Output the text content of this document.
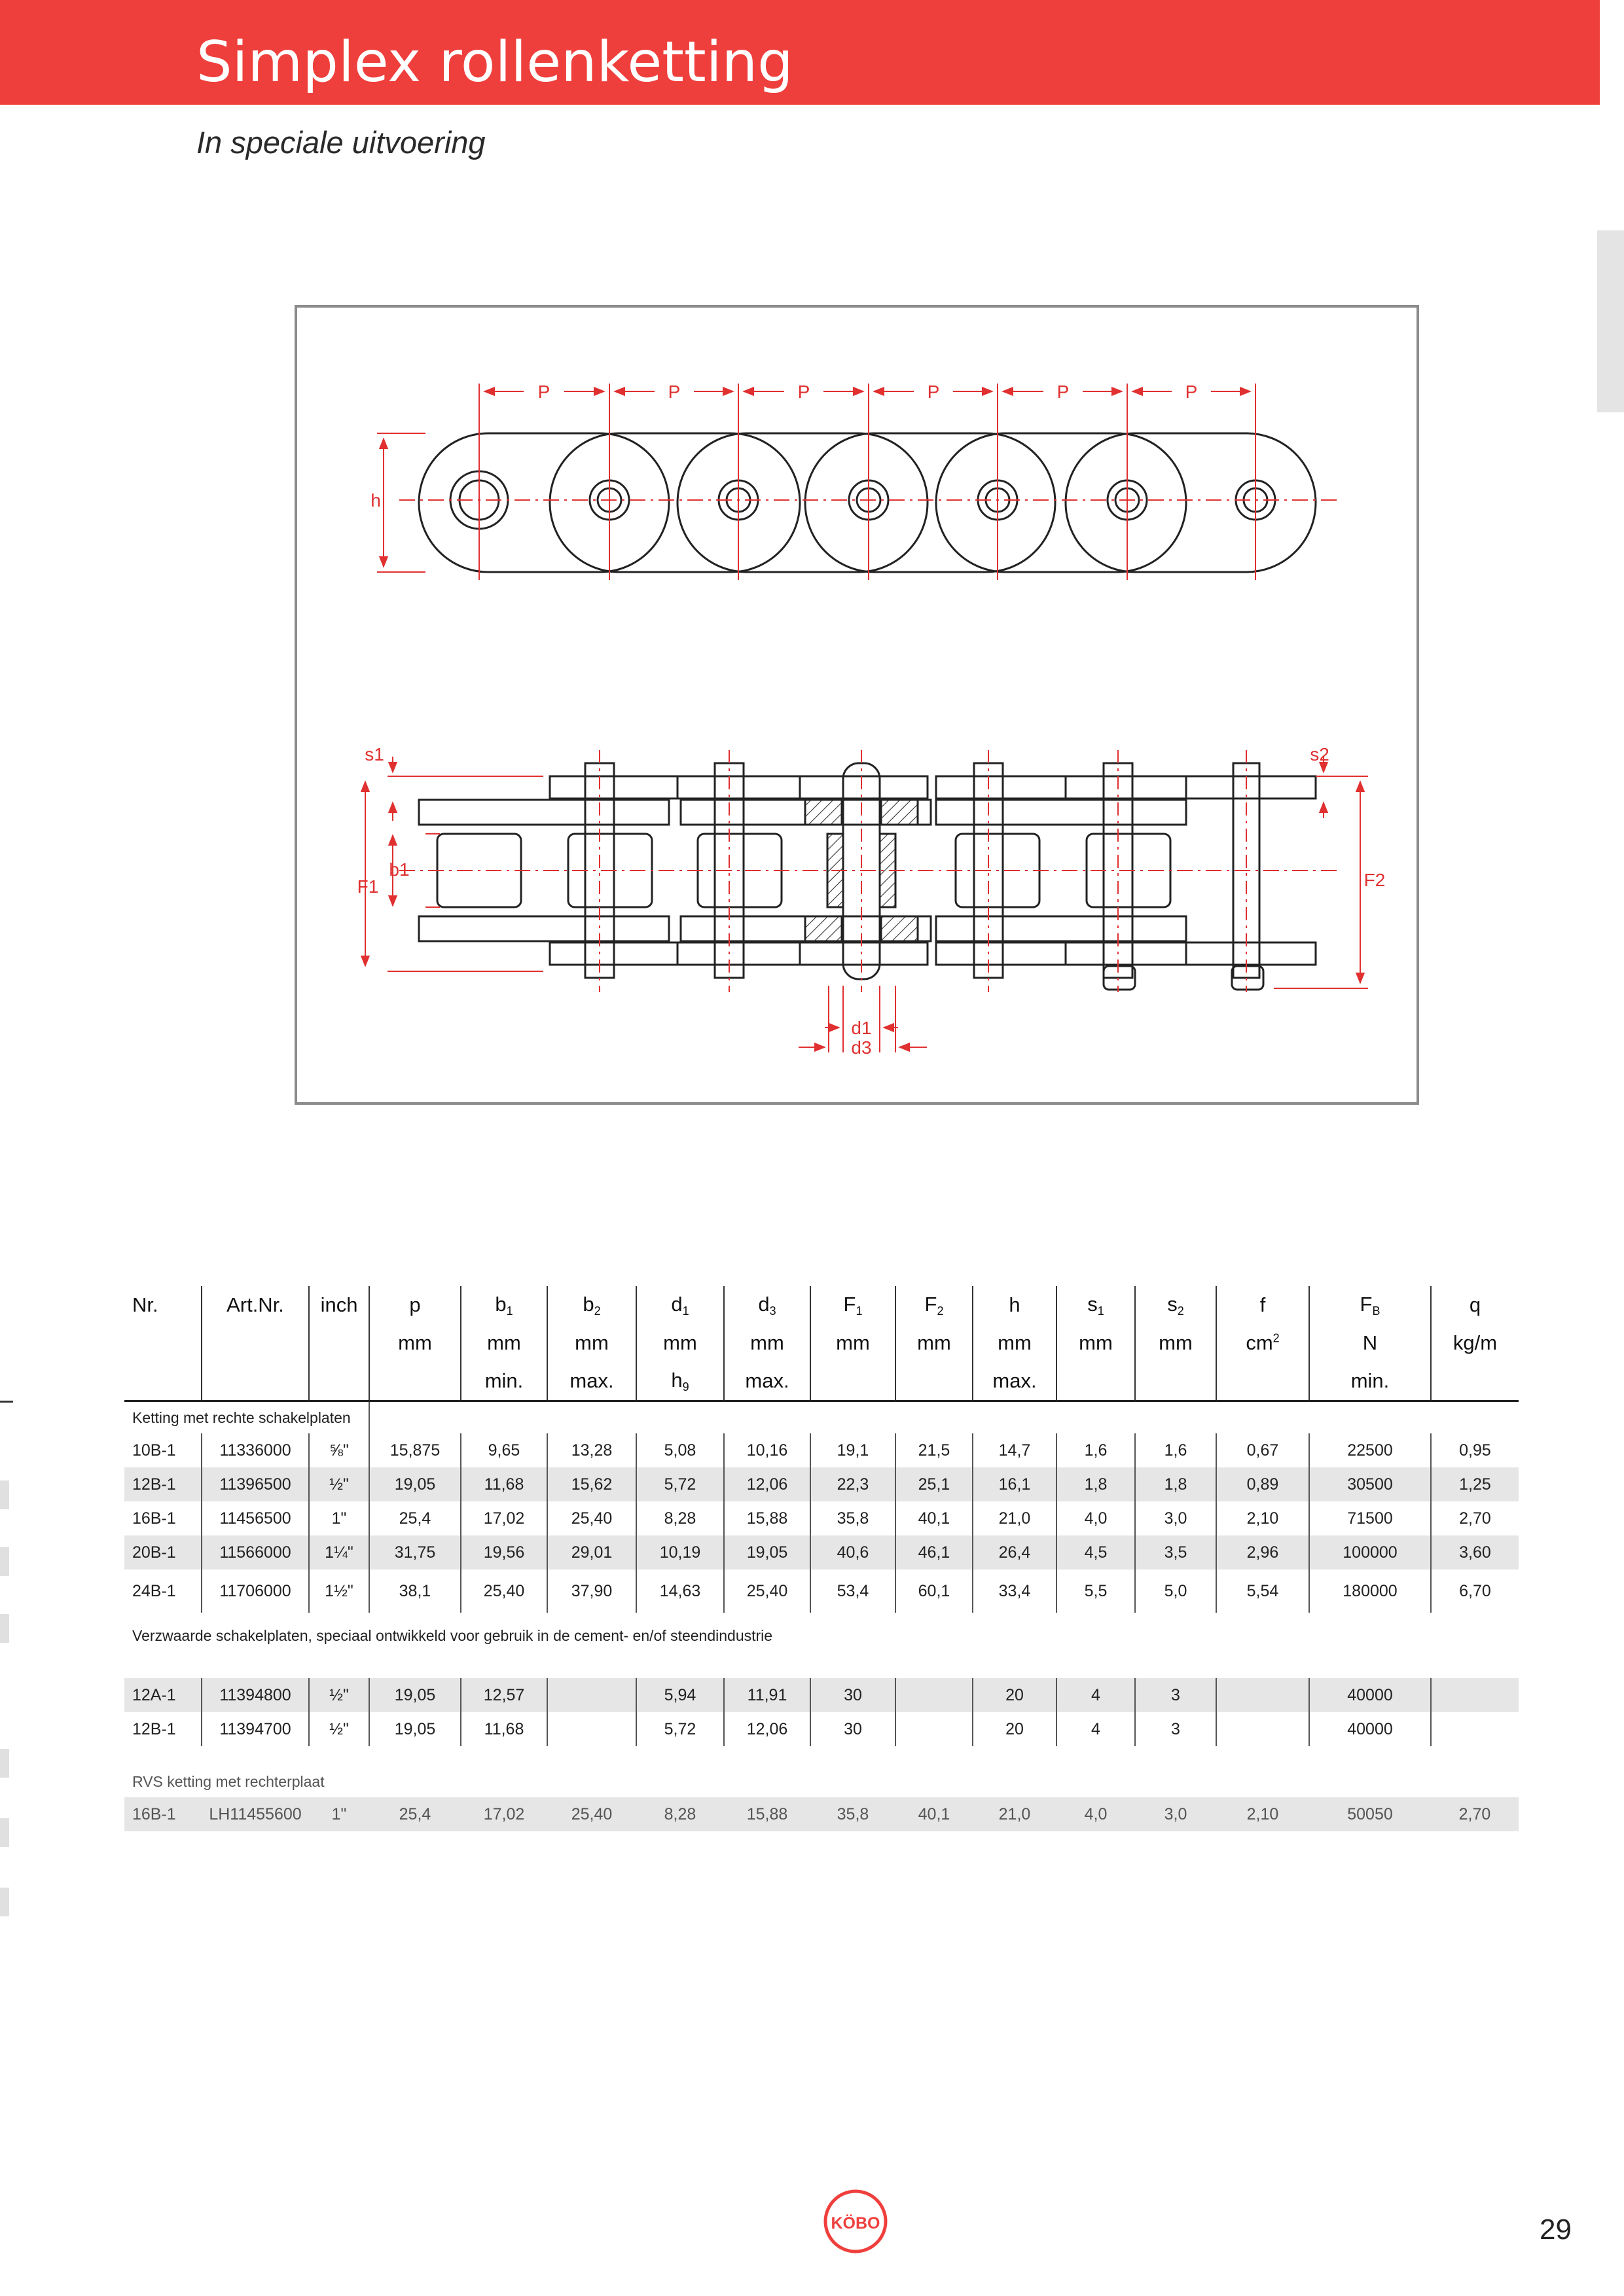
Simplex rollenketting
In speciale uitvoering
P	P	P	P	P	P
h
s1	s2
b1
F1	F2
d1
d3
Nr.	Art.Nr.	inch	p	$b_1$	$b_2$	$d_1$	$d_3$	$F_1$	$F_2$	h	$s_1$	$s_2$	f	$F_B$	q
			mm	mm	mm	mm	mm	mm	mm	mm	mm	mm	$cm^2$	N	kg/m
				min.	max.	$h_9$	max.			max.				min.	
Ketting met rechte schakelplaten															
10B-1	11336000	⅝"	15,875	9,65	13,28	5,08	10,16	19,1	21,5	14,7	1,6	1,6	0,67	22500	0,95
12B-1	11396500	½"	19,05	11,68	15,62	5,72	12,06	22,3	25,1	16,1	1,8	1,8	0,89	30500	1,25
16B-1	11456500	1"	25,4	17,02	25,40	8,28	15,88	35,8	40,1	21,0	4,0	3,0	2,10	71500	2,70
20B-1	11566000	1¼"	31,75	19,56	29,01	10,19	19,05	40,6	46,1	26,4	4,5	3,5	2,96	100000	3,60
24B-1	11706000	1½"	38,1	25,40	37,90	14,63	25,40	53,4	60,1	33,4	5,5	5,0	5,54	180000	6,70
Verzwaarde schakelplaten, speciaal ontwikkeld voor gebruik in de cement- en/of steendindustrie															

12A-1	11394800	½"	19,05	12,57		5,94	11,91	30		20	4	3		40000	
12B-1	11394700	½"	19,05	11,68		5,72	12,06	30		20	4	3		40000	

RVS ketting met rechterplaat															
16B-1	LH11455600	1"	25,4	17,02	25,40	8,28	15,88	35,8	40,1	21,0	4,0	3,0	2,10	50050	2,70
KÖBO	29
